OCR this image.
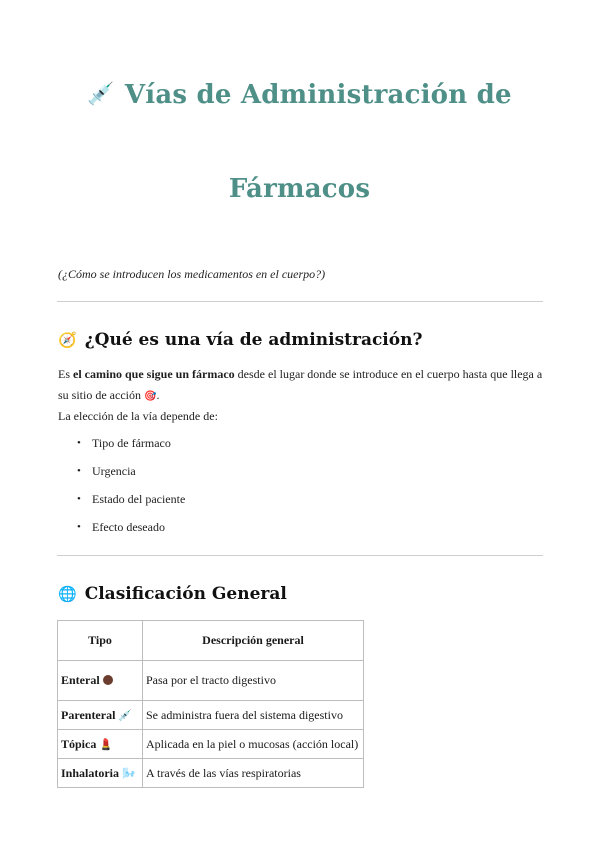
💉 Vías de Administración de
Fármacos
(¿Cómo se introducen los medicamentos en el cuerpo?)
🧭 ¿Qué es una vía de administración?
Es el camino que sigue un fármaco desde el lugar donde se introduce en el cuerpo hasta que llega a su sitio de acción 🎯.
La elección de la vía depende de:
• Tipo de fármaco
• Urgencia
• Estado del paciente
• Efecto deseado
🌐 Clasificación General
Tipo	Descripción general
Enteral	Pasa por el tracto digestivo
Parenteral 💉	Se administra fuera del sistema digestivo
Tópica 💄	Aplicada en la piel o mucosas (acción local)
Inhalatoria 🌬️	A través de las vías respiratorias
